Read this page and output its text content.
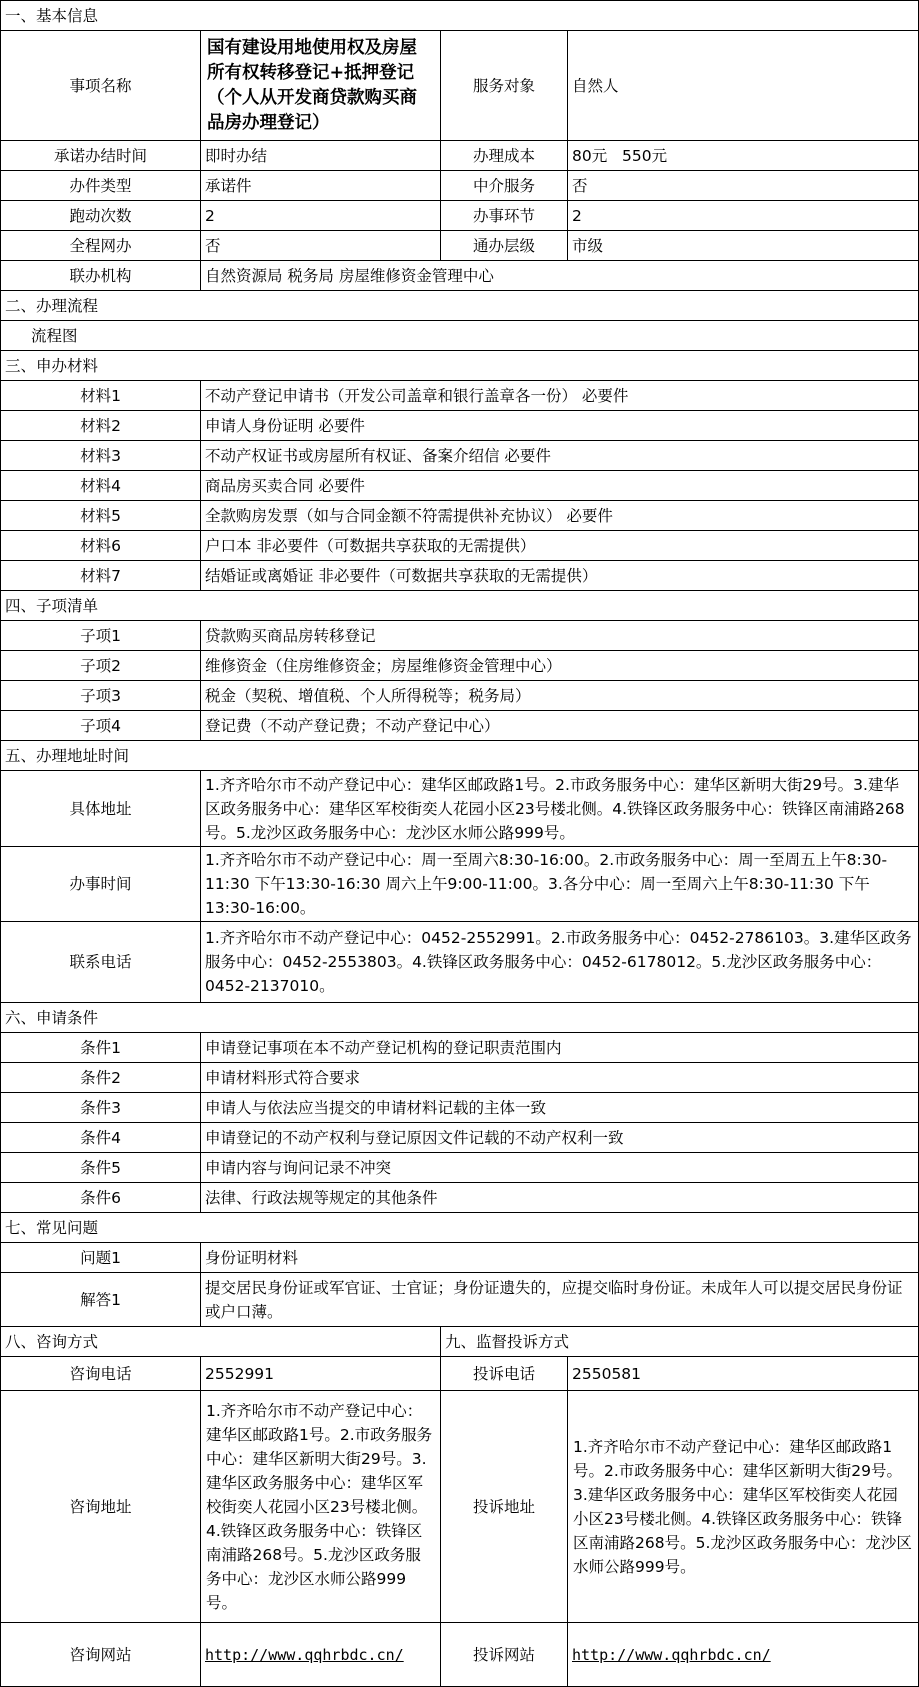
一、基本信息			
事项名称	国有建设用地使用权及房屋所有权转移登记+抵押登记（个人从开发商贷款购买商品房办理登记）	服务对象	自然人
承诺办结时间	即时办结	办理成本	80元   550元
办件类型	承诺件	中介服务	否
跑动次数	2	办事环节	2
全程网办	否	通办层级	市级
联办机构	自然资源局 税务局 房屋维修资金管理中心		
二、办理流程			
流程图			
三、申办材料			
材料1	不动产登记申请书（开发公司盖章和银行盖章各一份） 必要件		
材料2	申请人身份证明 必要件		
材料3	不动产权证书或房屋所有权证、备案介绍信 必要件		
材料4	商品房买卖合同 必要件		
材料5	全款购房发票（如与合同金额不符需提供补充协议） 必要件		
材料6	户口本 非必要件（可数据共享获取的无需提供）		
材料7	结婚证或离婚证 非必要件（可数据共享获取的无需提供）		
四、子项清单			
子项1	贷款购买商品房转移登记		
子项2	维修资金（住房维修资金；房屋维修资金管理中心）		
子项3	税金（契税、增值税、个人所得税等；税务局）		
子项4	登记费（不动产登记费；不动产登记中心）		
五、办理地址时间			
具体地址	1.齐齐哈尔市不动产登记中心：建华区邮政路1号。2.市政务服务中心：建华区新明大街29号。3.建华区政务服务中心：建华区军校街奕人花园小区23号楼北侧。4.铁锋区政务服务中心：铁锋区南浦路268号。5.龙沙区政务服务中心：龙沙区水师公路999号。		
办事时间	1.齐齐哈尔市不动产登记中心：周一至周六8:30-16:00。2.市政务服务中心：周一至周五上午8:30-11:30 下午13:30-16:30 周六上午9:00-11:00。3.各分中心：周一至周六上午8:30-11:30 下午13:30-16:00。		
联系电话	1.齐齐哈尔市不动产登记中心：0452-2552991。2.市政务服务中心：0452-2786103。3.建华区政务服务中心：0452-2553803。4.铁锋区政务服务中心：0452-6178012。5.龙沙区政务服务中心：0452-2137010。		
六、申请条件			
条件1	申请登记事项在本不动产登记机构的登记职责范围内		
条件2	申请材料形式符合要求		
条件3	申请人与依法应当提交的申请材料记载的主体一致		
条件4	申请登记的不动产权利与登记原因文件记载的不动产权利一致		
条件5	申请内容与询问记录不冲突		
条件6	法律、行政法规等规定的其他条件		
七、常见问题			
问题1	身份证明材料		
解答1	提交居民身份证或军官证、士官证；身份证遗失的，应提交临时身份证。未成年人可以提交居民身份证或户口薄。		
八、咨询方式		九、监督投诉方式	
咨询电话	2552991	投诉电话	2550581
咨询地址	1.齐齐哈尔市不动产登记中心：建华区邮政路1号。2.市政务服务中心：建华区新明大街29号。3.建华区政务服务中心：建华区军校街奕人花园小区23号楼北侧。4.铁锋区政务服务中心：铁锋区南浦路268号。5.龙沙区政务服务中心：龙沙区水师公路999号。	投诉地址	1.齐齐哈尔市不动产登记中心：建华区邮政路1号。2.市政务服务中心：建华区新明大街29号。3.建华区政务服务中心：建华区军校街奕人花园小区23号楼北侧。4.铁锋区政务服务中心：铁锋区南浦路268号。5.龙沙区政务服务中心：龙沙区水师公路999号。
咨询网站	http://www.qqhrbdc.cn/	投诉网站	http://www.qqhrbdc.cn/
